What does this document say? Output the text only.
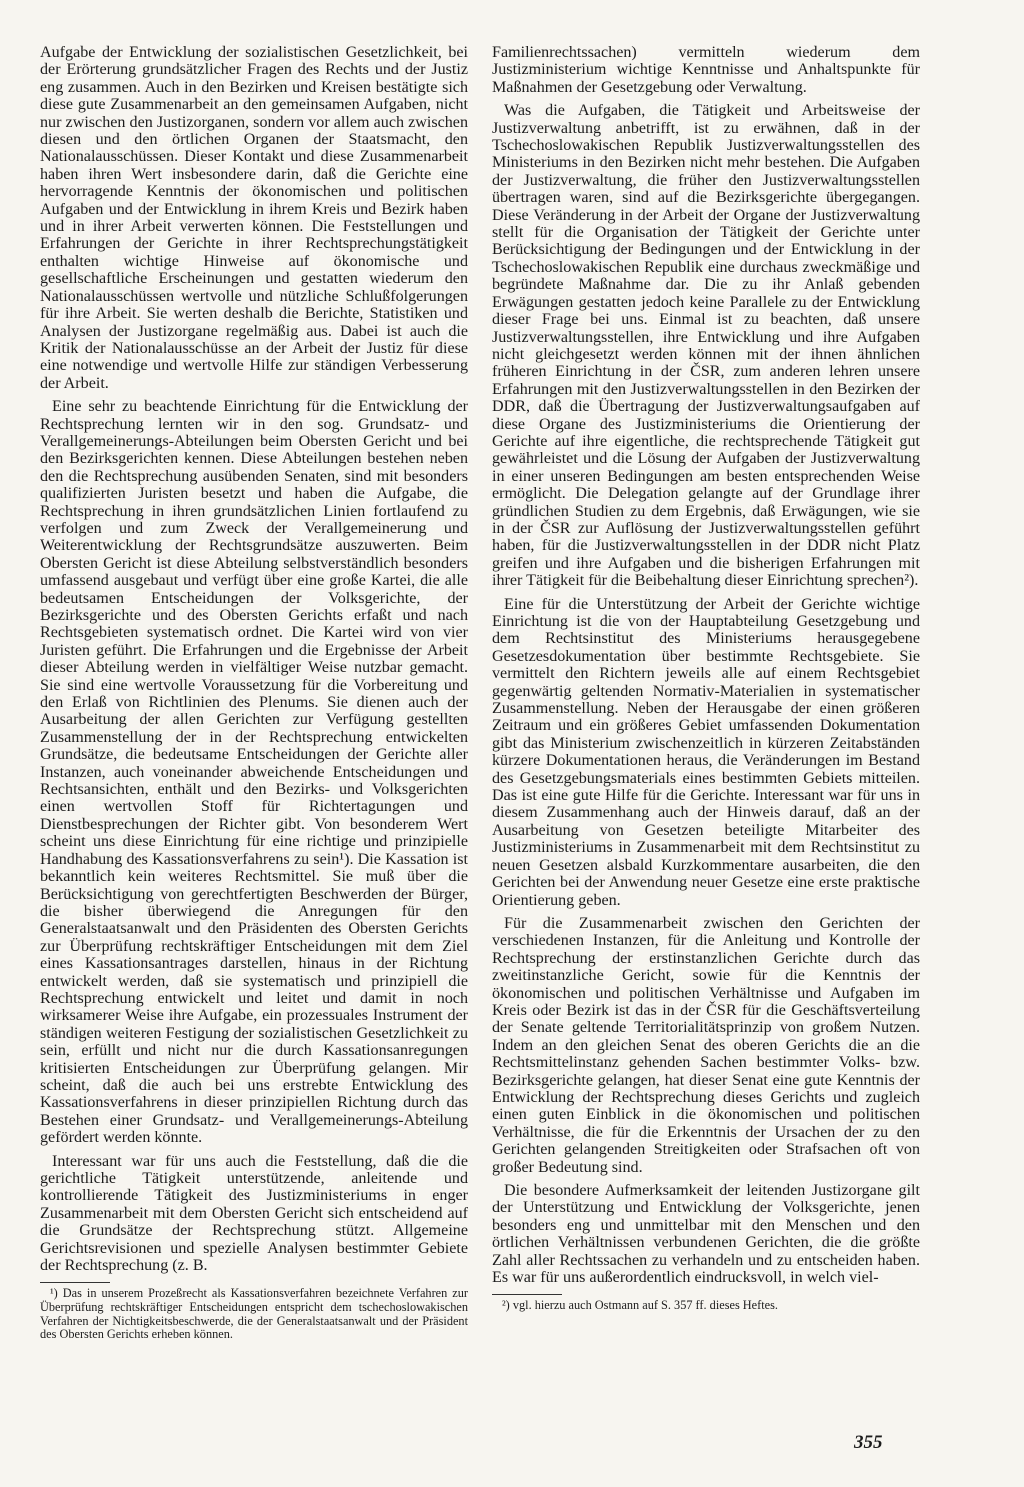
Aufgabe der Entwicklung der sozialistischen Gesetzlichkeit, bei der Erörterung grundsätzlicher Fragen des Rechts und der Justiz eng zusammen. Auch in den Bezirken und Kreisen bestätigte sich diese gute Zusammenarbeit an den gemeinsamen Aufgaben, nicht nur zwischen den Justizorganen, sondern vor allem auch zwischen diesen und den örtlichen Organen der Staatsmacht, den Nationalausschüssen. Dieser Kontakt und diese Zusammenarbeit haben ihren Wert insbesondere darin, daß die Gerichte eine hervorragende Kenntnis der ökonomischen und politischen Aufgaben und der Entwicklung in ihrem Kreis und Bezirk haben und in ihrer Arbeit verwerten können. Die Feststellungen und Erfahrungen der Gerichte in ihrer Rechtsprechungstätigkeit enthalten wichtige Hinweise auf ökonomische und gesellschaftliche Erscheinungen und gestatten wiederum den Nationalausschüssen wertvolle und nützliche Schlußfolgerungen für ihre Arbeit. Sie werten deshalb die Berichte, Statistiken und Analysen der Justizorgane regelmäßig aus. Dabei ist auch die Kritik der Nationalausschüsse an der Arbeit der Justiz für diese eine notwendige und wertvolle Hilfe zur ständigen Verbesserung der Arbeit.

Eine sehr zu beachtende Einrichtung für die Entwicklung der Rechtsprechung lernten wir in den sog. Grundsatz- und Verallgemeinerungs-Abteilungen beim Obersten Gericht und bei den Bezirksgerichten kennen. Diese Abteilungen bestehen neben den die Rechtsprechung ausübenden Senaten, sind mit besonders qualifizierten Juristen besetzt und haben die Aufgabe, die Rechtsprechung in ihren grundsätzlichen Linien fortlaufend zu verfolgen und zum Zweck der Verallgemeinerung und Weiterentwicklung der Rechtsgrundsätze auszuwerten. Beim Obersten Gericht ist diese Abteilung selbstverständlich besonders umfassend ausgebaut und verfügt über eine große Kartei, die alle bedeutsamen Entscheidungen der Volksgerichte, der Bezirksgerichte und des Obersten Gerichts erfaßt und nach Rechtsgebieten systematisch ordnet. Die Kartei wird von vier Juristen geführt. Die Erfahrungen und die Ergebnisse der Arbeit dieser Abteilung werden in vielfältiger Weise nutzbar gemacht. Sie sind eine wertvolle Voraussetzung für die Vorbereitung und den Erlaß von Richtlinien des Plenums. Sie dienen auch der Ausarbeitung der allen Gerichten zur Verfügung gestellten Zusammenstellung der in der Rechtsprechung entwickelten Grundsätze, die bedeutsame Entscheidungen der Gerichte aller Instanzen, auch voneinander abweichende Entscheidungen und Rechtsansichten, enthält und den Bezirks- und Volksgerichten einen wertvollen Stoff für Richtertagungen und Dienstbesprechungen der Richter gibt. Von besonderem Wert scheint uns diese Einrichtung für eine richtige und prinzipielle Handhabung des Kassationsverfahrens zu sein¹). Die Kassation ist bekanntlich kein weiteres Rechtsmittel. Sie muß über die Berücksichtigung von gerechtfertigten Beschwerden der Bürger, die bisher überwiegend die Anregungen für den Generalstaatsanwalt und den Präsidenten des Obersten Gerichts zur Überprüfung rechtskräftiger Entscheidungen mit dem Ziel eines Kassationsantrages darstellen, hinaus in der Richtung entwickelt werden, daß sie systematisch und prinzipiell die Rechtsprechung entwickelt und leitet und damit in noch wirksamerer Weise ihre Aufgabe, ein prozessuales Instrument der ständigen weiteren Festigung der sozialistischen Gesetzlichkeit zu sein, erfüllt und nicht nur die durch Kassationsanregungen kritisierten Entscheidungen zur Überprüfung gelangen. Mir scheint, daß die auch bei uns erstrebte Entwicklung des Kassationsverfahrens in dieser prinzipiellen Richtung durch das Bestehen einer Grundsatz- und Verallgemeinerungs-Abteilung gefördert werden könnte.

Interessant war für uns auch die Feststellung, daß die die gerichtliche Tätigkeit unterstützende, anleitende und kontrollierende Tätigkeit des Justizministeriums in enger Zusammenarbeit mit dem Obersten Gericht sich entscheidend auf die Grundsätze der Rechtsprechung stützt. Allgemeine Gerichtsrevisionen und spezielle Analysen bestimmter Gebiete der Rechtsprechung (z. B.

¹) Das in unserem Prozeßrecht als Kassationsverfahren bezeichnete Verfahren zur Überprüfung rechtskräftiger Entscheidungen entspricht dem tschechoslowakischen Verfahren der Nichtigkeitsbeschwerde, die der Generalstaatsanwalt und der Präsident des Obersten Gerichts erheben können.

Familienrechtssachen) vermitteln wiederum dem Justizministerium wichtige Kenntnisse und Anhaltspunkte für Maßnahmen der Gesetzgebung oder Verwaltung.

Was die Aufgaben, die Tätigkeit und Arbeitsweise der Justizverwaltung anbetrifft, ist zu erwähnen, daß in der Tschechoslowakischen Republik Justizverwaltungsstellen des Ministeriums in den Bezirken nicht mehr bestehen. Die Aufgaben der Justizverwaltung, die früher den Justizverwaltungsstellen übertragen waren, sind auf die Bezirksgerichte übergegangen. Diese Veränderung in der Arbeit der Organe der Justizverwaltung stellt für die Organisation der Tätigkeit der Gerichte unter Berücksichtigung der Bedingungen und der Entwicklung in der Tschechoslowakischen Republik eine durchaus zweckmäßige und begründete Maßnahme dar. Die zu ihr Anlaß gebenden Erwägungen gestatten jedoch keine Parallele zu der Entwicklung dieser Frage bei uns. Einmal ist zu beachten, daß unsere Justizverwaltungsstellen, ihre Entwicklung und ihre Aufgaben nicht gleichgesetzt werden können mit der ihnen ähnlichen früheren Einrichtung in der ČSR, zum anderen lehren unsere Erfahrungen mit den Justizverwaltungsstellen in den Bezirken der DDR, daß die Übertragung der Justizverwaltungsaufgaben auf diese Organe des Justizministeriums die Orientierung der Gerichte auf ihre eigentliche, die rechtsprechende Tätigkeit gut gewährleistet und die Lösung der Aufgaben der Justizverwaltung in einer unseren Bedingungen am besten entsprechenden Weise ermöglicht. Die Delegation gelangte auf der Grundlage ihrer gründlichen Studien zu dem Ergebnis, daß Erwägungen, wie sie in der ČSR zur Auflösung der Justizverwaltungsstellen geführt haben, für die Justizverwaltungsstellen in der DDR nicht Platz greifen und ihre Aufgaben und die bisherigen Erfahrungen mit ihrer Tätigkeit für die Beibehaltung dieser Einrichtung sprechen²).

Eine für die Unterstützung der Arbeit der Gerichte wichtige Einrichtung ist die von der Hauptabteilung Gesetzgebung und dem Rechtsinstitut des Ministeriums herausgegebene Gesetzesdokumentation über bestimmte Rechtsgebiete. Sie vermittelt den Richtern jeweils alle auf einem Rechtsgebiet gegenwärtig geltenden Normativ-Materialien in systematischer Zusammenstellung. Neben der Herausgabe der einen größeren Zeitraum und ein größeres Gebiet umfassenden Dokumentation gibt das Ministerium zwischenzeitlich in kürzeren Zeitabständen kürzere Dokumentationen heraus, die Veränderungen im Bestand des Gesetzgebungsmaterials eines bestimmten Gebiets mitteilen. Das ist eine gute Hilfe für die Gerichte. Interessant war für uns in diesem Zusammenhang auch der Hinweis darauf, daß an der Ausarbeitung von Gesetzen beteiligte Mitarbeiter des Justizministeriums in Zusammenarbeit mit dem Rechtsinstitut zu neuen Gesetzen alsbald Kurzkommentare ausarbeiten, die den Gerichten bei der Anwendung neuer Gesetze eine erste praktische Orientierung geben.

Für die Zusammenarbeit zwischen den Gerichten der verschiedenen Instanzen, für die Anleitung und Kontrolle der Rechtsprechung der erstinstanzlichen Gerichte durch das zweitinstanzliche Gericht, sowie für die Kenntnis der ökonomischen und politischen Verhältnisse und Aufgaben im Kreis oder Bezirk ist das in der ČSR für die Geschäftsverteilung der Senate geltende Territorialitätsprinzip von großem Nutzen. Indem an den gleichen Senat des oberen Gerichts die an die Rechtsmittelinstanz gehenden Sachen bestimmter Volks- bzw. Bezirksgerichte gelangen, hat dieser Senat eine gute Kenntnis der Entwicklung der Rechtsprechung dieses Gerichts und zugleich einen guten Einblick in die ökonomischen und politischen Verhältnisse, die für die Erkenntnis der Ursachen der zu den Gerichten gelangenden Streitigkeiten oder Strafsachen oft von großer Bedeutung sind.

Die besondere Aufmerksamkeit der leitenden Justizorgane gilt der Unterstützung und Entwicklung der Volksgerichte, jenen besonders eng und unmittelbar mit den Menschen und den örtlichen Verhältnissen verbundenen Gerichten, die die größte Zahl aller Rechtssachen zu verhandeln und zu entscheiden haben. Es war für uns außerordentlich eindrucksvoll, in welch viel-

²) vgl. hierzu auch Ostmann auf S. 357 ff. dieses Heftes.

355
